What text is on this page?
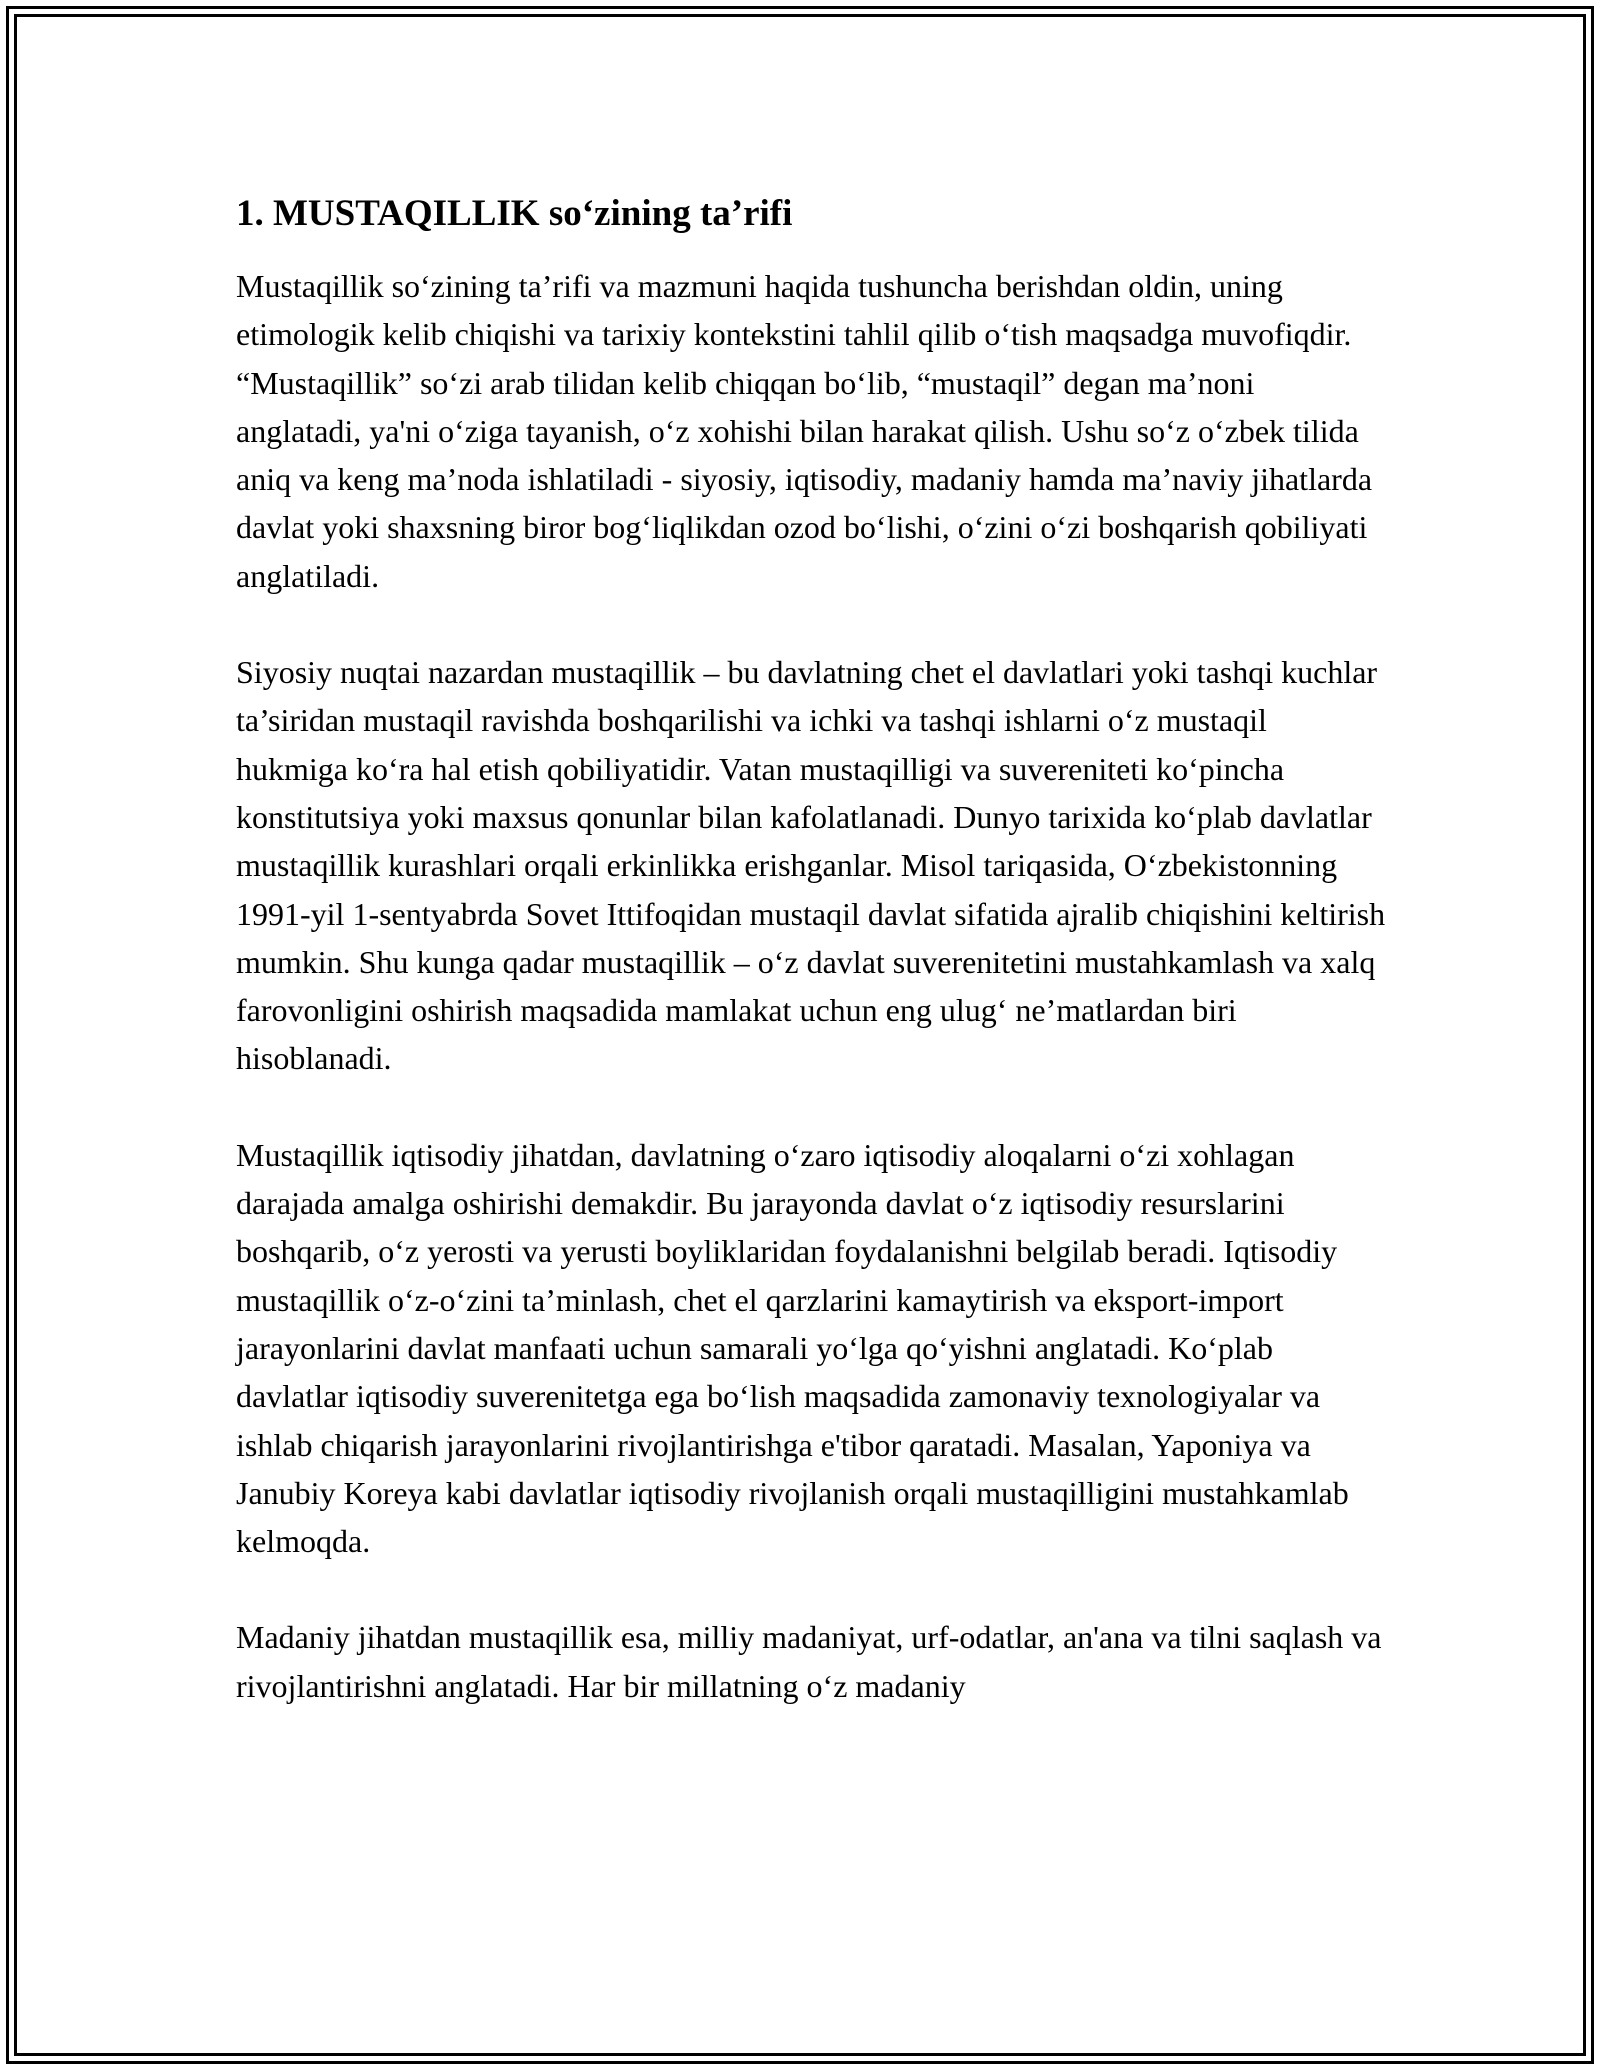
1. MUSTAQILLIK so‘zining ta’rifi

Mustaqillik so‘zining ta’rifi va mazmuni haqida tushuncha berishdan oldin, uning etimologik kelib chiqishi va tarixiy kontekstini tahlil qilib o‘tish maqsadga muvofiqdir. “Mustaqillik” so‘zi arab tilidan kelib chiqqan bo‘lib, “mustaqil” degan ma’noni anglatadi, ya'ni o‘ziga tayanish, o‘z xohishi bilan harakat qilish. Ushu so‘z o‘zbek tilida aniq va keng ma’noda ishlatiladi - siyosiy, iqtisodiy, madaniy hamda ma’naviy jihatlarda davlat yoki shaxsning biror bog‘liqlikdan ozod bo‘lishi, o‘zini o‘zi boshqarish qobiliyati anglatiladi.

Siyosiy nuqtai nazardan mustaqillik – bu davlatning chet el davlatlari yoki tashqi kuchlar ta’siridan mustaqil ravishda boshqarilishi va ichki va tashqi ishlarni o‘z mustaqil hukmiga ko‘ra hal etish qobiliyatidir. Vatan mustaqilligi va suvereniteti ko‘pincha konstitutsiya yoki maxsus qonunlar bilan kafolatlanadi. Dunyo tarixida ko‘plab davlatlar mustaqillik kurashlari orqali erkinlikka erishganlar. Misol tariqasida, O‘zbekistonning 1991-yil 1-sentyabrda Sovet Ittifoqidan mustaqil davlat sifatida ajralib chiqishini keltirish mumkin. Shu kunga qadar mustaqillik – o‘z davlat suverenitetini mustahkamlash va xalq farovonligini oshirish maqsadida mamlakat uchun eng ulug‘ ne’matlardan biri hisoblanadi.

Mustaqillik iqtisodiy jihatdan, davlatning o‘zaro iqtisodiy aloqalarni o‘zi xohlagan darajada amalga oshirishi demakdir. Bu jarayonda davlat o‘z iqtisodiy resurslarini boshqarib, o‘z yerosti va yerusti boyliklaridan foydalanishni belgilab beradi. Iqtisodiy mustaqillik o‘z-o‘zini ta’minlash, chet el qarzlarini kamaytirish va eksport-import jarayonlarini davlat manfaati uchun samarali yo‘lga qo‘yishni anglatadi. Ko‘plab davlatlar iqtisodiy suverenitetga ega bo‘lish maqsadida zamonaviy texnologiyalar va ishlab chiqarish jarayonlarini rivojlantirishga e'tibor qaratadi. Masalan, Yaponiya va Janubiy Koreya kabi davlatlar iqtisodiy rivojlanish orqali mustaqilligini mustahkamlab kelmoqda.

Madaniy jihatdan mustaqillik esa, milliy madaniyat, urf-odatlar, an'ana va tilni saqlash va rivojlantirishni anglatadi. Har bir millatning o‘z madaniy
